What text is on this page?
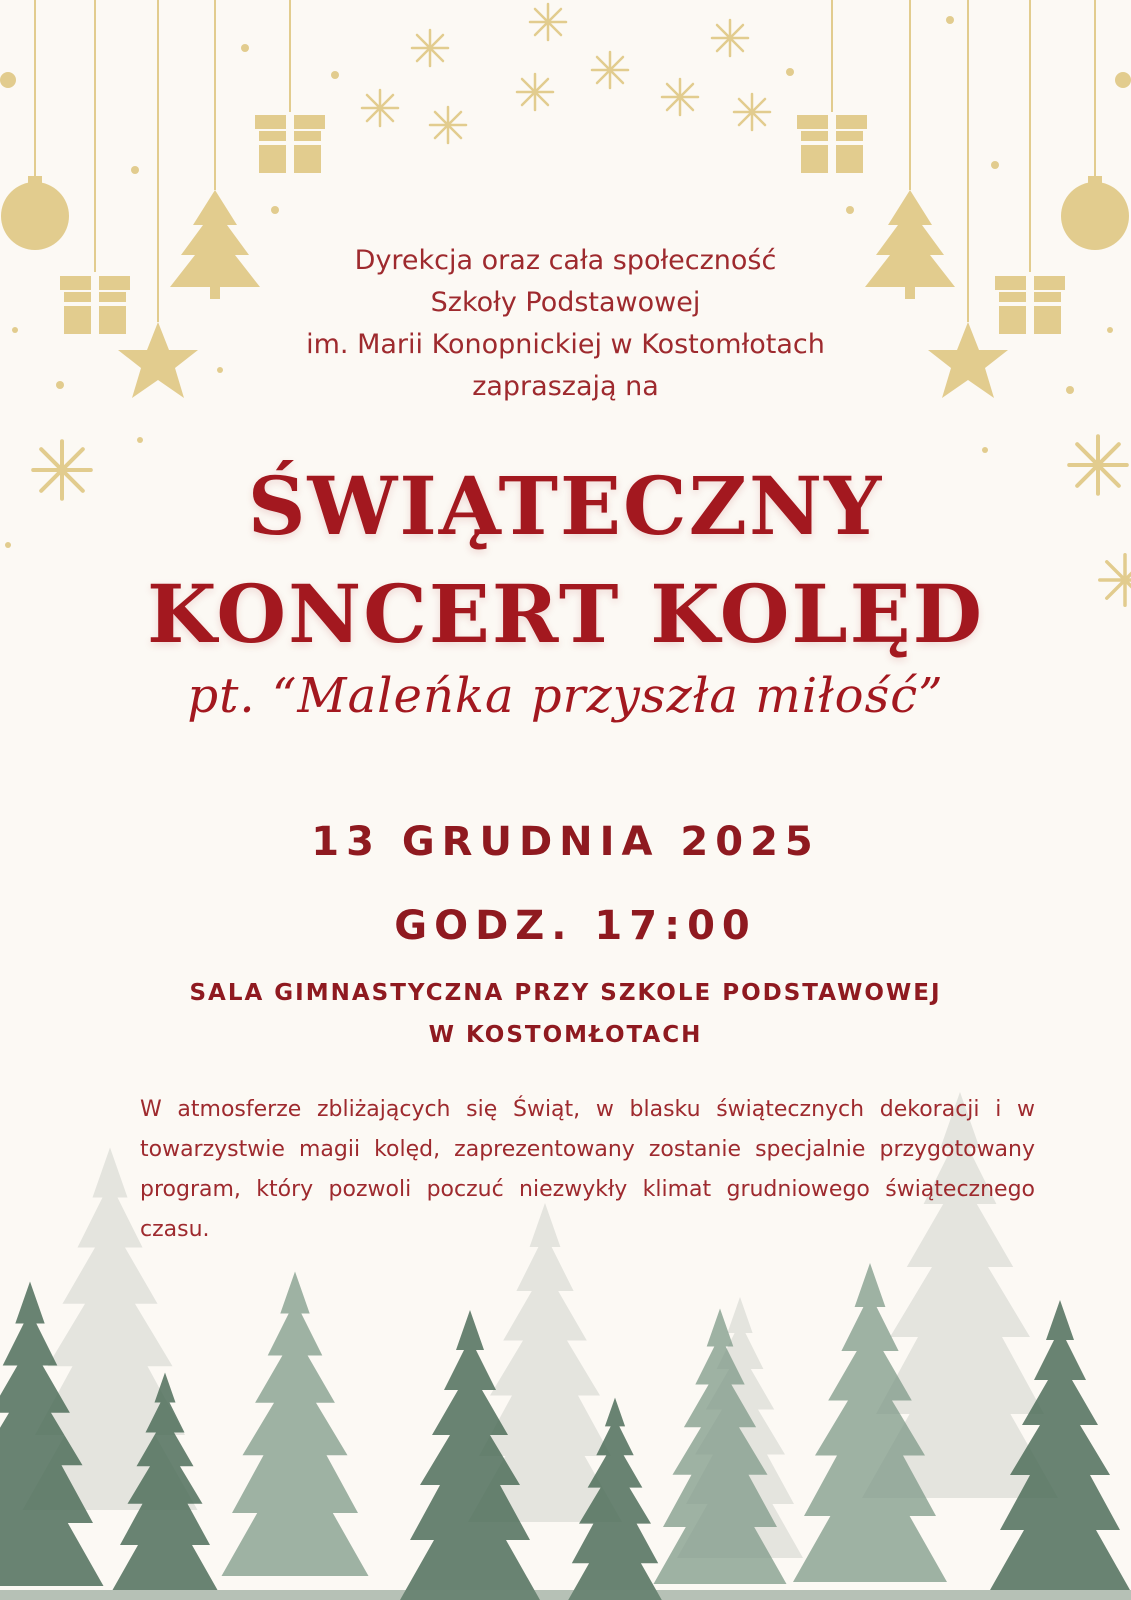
Dyrekcja oraz cała społeczność
Szkoły Podstawowej
im. Marii Konopnickiej w Kostomłotach
zapraszają na
ŚWIĄTECZNY
KONCERT KOLĘD
pt. “Maleńka przyszła miłość”
13 GRUDNIA 2025
GODZ. 17:00
SALA GIMNASTYCZNA PRZY SZKOLE PODSTAWOWEJ
W KOSTOMŁOTACH
W atmosferze zbliżających się Świąt, w blasku świątecznych dekoracji i w towarzystwie magii kolęd, zaprezentowany zostanie specjalnie przygotowany program, który pozwoli poczuć niezwykły klimat grudniowego świątecznego czasu.
